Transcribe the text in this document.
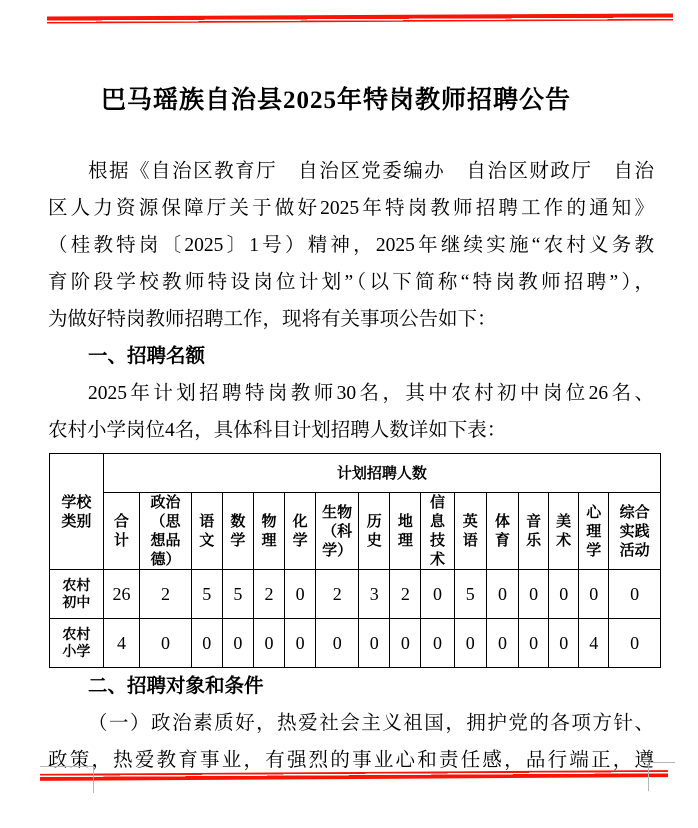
巴马瑶族自治县2025年特岗教师招聘公告
根据《自治区教育厅　自治区党委编办　自治区财政厅　自治
区人力资源保障厅关于做好2025年特岗教师招聘工作的通知》
（桂教特岗〔2025〕1号）精神，2025年继续实施“农村义务教
育阶段学校教师特设岗位计划”（以下简称“特岗教师招聘”），
为做好特岗教师招聘工作，现将有关事项公告如下：
一、招聘名额
2025年计划招聘特岗教师30名，其中农村初中岗位26名、
农村小学岗位4名，具体科目计划招聘人数详如下表：
学校类别	计划招聘人数															
	合计	政治（思想品德）	语文	数学	物理	化学	生物（科学）	历史	地理	信息技术	英语	体育	音乐	美术	心理学	综合实践活动
农村初中	26	2	5	5	2	0	2	3	2	0	5	0	0	0	0	0
农村小学	4	0	0	0	0	0	0	0	0	0	0	0	0	0	4	0
二、招聘对象和条件
（一）政治素质好，热爱社会主义祖国，拥护党的各项方针、
政策，热爱教育事业，有强烈的事业心和责任感，品行端正，遵
